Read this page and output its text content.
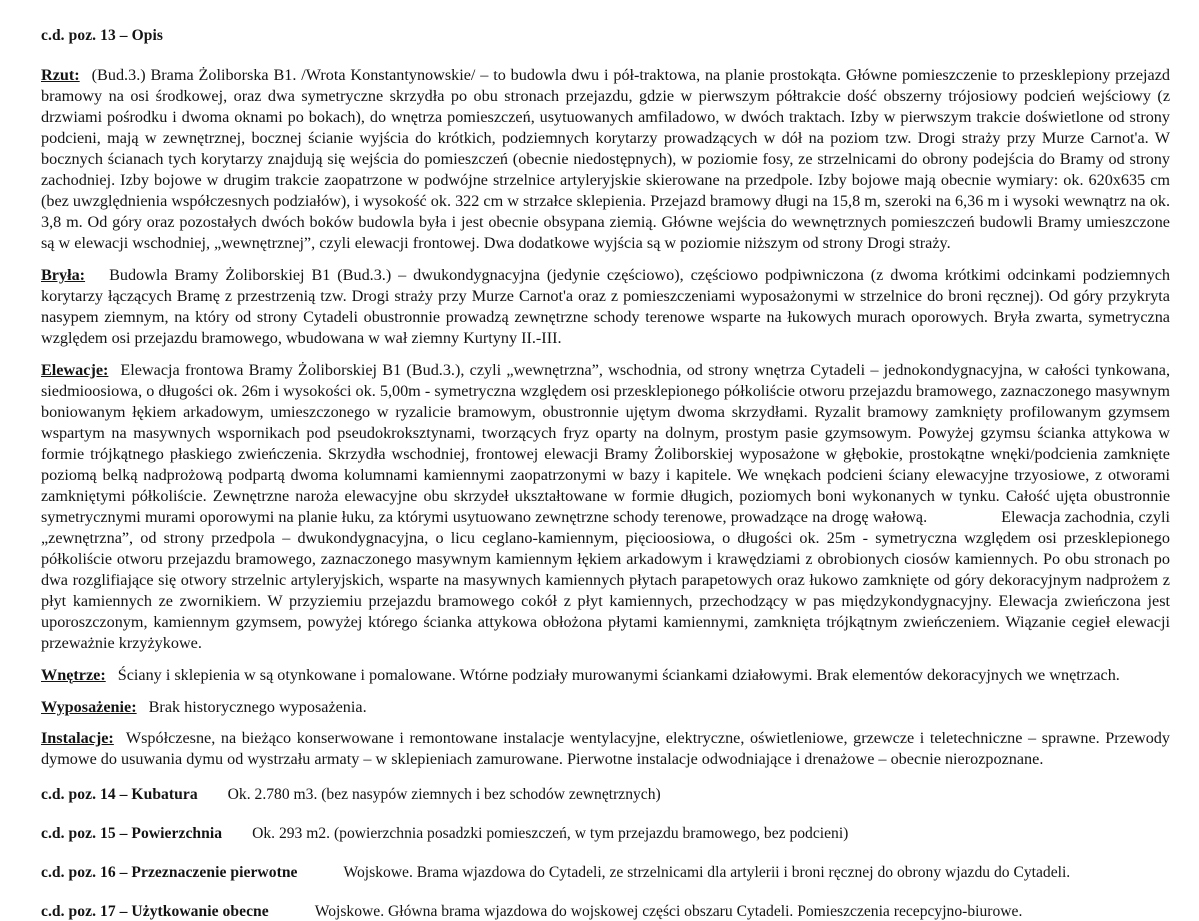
c.d. poz. 13 – Opis

Rzut: (Bud.3.) Brama Żoliborska B1. /Wrota Konstantynowskie/ – to budowla dwu i pół-traktowa, na planie prostokąta. Główne pomieszczenie to przesklepiony przejazd bramowy na osi środkowej, oraz dwa symetryczne skrzydła po obu stronach przejazdu, gdzie w pierwszym półtrakcie dość obszerny trójosiowy podcień wejściowy (z drzwiami pośrodku i dwoma oknami po bokach), do wnętrza pomieszczeń, usytuowanych amfiladowo, w dwóch traktach. Izby w pierwszym trakcie doświetlone od strony podcieni, mają w zewnętrznej, bocznej ścianie wyjścia do krótkich, podziemnych korytarzy prowadzących w dół na poziom tzw. Drogi straży przy Murze Carnot'a. W bocznych ścianach tych korytarzy znajdują się wejścia do pomieszczeń (obecnie niedostępnych), w poziomie fosy, ze strzelnicami do obrony podejścia do Bramy od strony zachodniej. Izby bojowe w drugim trakcie zaopatrzone w podwójne strzelnice artyleryjskie skierowane na przedpole. Izby bojowe mają obecnie wymiary: ok. 620x635 cm (bez uwzględnienia współczesnych podziałów), i wysokość ok. 322 cm w strzałce sklepienia. Przejazd bramowy długi na 15,8 m, szeroki na 6,36 m i wysoki wewnątrz na ok. 3,8 m. Od góry oraz pozostałych dwóch boków budowla była i jest obecnie obsypana ziemią. Główne wejścia do wewnętrznych pomieszczeń budowli Bramy umieszczone są w elewacji wschodniej, „wewnętrznej”, czyli elewacji frontowej. Dwa dodatkowe wyjścia są w poziomie niższym od strony Drogi straży.

Bryła: Budowla Bramy Żoliborskiej B1 (Bud.3.) – dwukondygnacyjna (jedynie częściowo), częściowo podpiwniczona (z dwoma krótkimi odcinkami podziemnych korytarzy łączących Bramę z przestrzenią tzw. Drogi straży przy Murze Carnot'a oraz z pomieszczeniami wyposażonymi w strzelnice do broni ręcznej). Od góry przykryta nasypem ziemnym, na który od strony Cytadeli obustronnie prowadzą zewnętrzne schody terenowe wsparte na łukowych murach oporowych. Bryła zwarta, symetryczna względem osi przejazdu bramowego, wbudowana w wał ziemny Kurtyny II.-III.

Elewacje: Elewacja frontowa Bramy Żoliborskiej B1 (Bud.3.), czyli „wewnętrzna”, wschodnia, od strony wnętrza Cytadeli – jednokondygnacyjna, w całości tynkowana, siedmioosiowa, o długości ok. 26m i wysokości ok. 5,00m - symetryczna względem osi przesklepionego półkoliście otworu przejazdu bramowego, zaznaczonego masywnym boniowanym łękiem arkadowym, umieszczonego w ryzalicie bramowym, obustronnie ujętym dwoma skrzydłami. Ryzalit bramowy zamknięty profilowanym gzymsem wspartym na masywnych wspornikach pod pseudokroksztynami, tworzących fryz oparty na dolnym, prostym pasie gzymsowym. Powyżej gzymsu ścianka attykowa w formie trójkątnego płaskiego zwieńczenia. Skrzydła wschodniej, frontowej elewacji Bramy Żoliborskiej wyposażone w głębokie, prostokątne wnęki/podcienia zamknięte poziomą belką nadprożową podpartą dwoma kolumnami kamiennymi zaopatrzonymi w bazy i kapitele. We wnękach podcieni ściany elewacyjne trzyosiowe, z otworami zamkniętymi półkoliście. Zewnętrzne naroża elewacyjne obu skrzydeł ukształtowane w formie długich, poziomych boni wykonanych w tynku. Całość ujęta obustronnie symetrycznymi murami oporowymi na planie łuku, za którymi usytuowano zewnętrzne schody terenowe, prowadzące na drogę wałową.	Elewacja zachodnia, czyli „zewnętrzna”, od strony przedpola – dwukondygnacyjna, o licu ceglano-kamiennym, pięcioosiowa, o długości ok. 25m - symetryczna względem osi przesklepionego półkoliście otworu przejazdu bramowego, zaznaczonego masywnym kamiennym łękiem arkadowym i krawędziami z obrobionych ciosów kamiennych. Po obu stronach po dwa rozglifiające się otwory strzelnic artyleryjskich, wsparte na masywnych kamiennych płytach parapetowych oraz łukowo zamknięte od góry dekoracyjnym nadprożem z płyt kamiennych ze zwornikiem. W przyziemiu przejazdu bramowego cokół z płyt kamiennych, przechodzący w pas międzykondygnacyjny. Elewacja zwieńczona jest uporoszczonym, kamiennym gzymsem, powyżej którego ścianka attykowa obłożona płytami kamiennymi, zamknięta trójkątnym zwieńczeniem. Wiązanie cegieł elewacji przeważnie krzyżykowe.

Wnętrze: Ściany i sklepienia w są otynkowane i pomalowane. Wtórne podziały murowanymi ściankami działowymi. Brak elementów dekoracyjnych we wnętrzach.

Wyposażenie: Brak historycznego wyposażenia.

Instalacje: Współczesne, na bieżąco konserwowane i remontowane instalacje wentylacyjne, elektryczne, oświetleniowe, grzewcze i teletechniczne – sprawne. Przewody dymowe do usuwania dymu od wystrzału armaty – w sklepieniach zamurowane. Pierwotne instalacje odwodniające i drenażowe – obecnie nierozpoznane.

c.d. poz. 14 – Kubatura Ok. 2.780 m3. (bez nasypów ziemnych i bez schodów zewnętrznych)

c.d. poz. 15 – Powierzchnia Ok. 293 m2. (powierzchnia posadzki pomieszczeń, w tym przejazdu bramowego, bez podcieni)

c.d. poz. 16 – Przeznaczenie pierwotne	Wojskowe. Brama wjazdowa do Cytadeli, ze strzelnicami dla artylerii i broni ręcznej do obrony wjazdu do Cytadeli.

c.d. poz. 17 – Użytkowanie obecne	Wojskowe. Główna brama wjazdowa do wojskowej części obszaru Cytadeli. Pomieszczenia recepcyjno-biurowe.
